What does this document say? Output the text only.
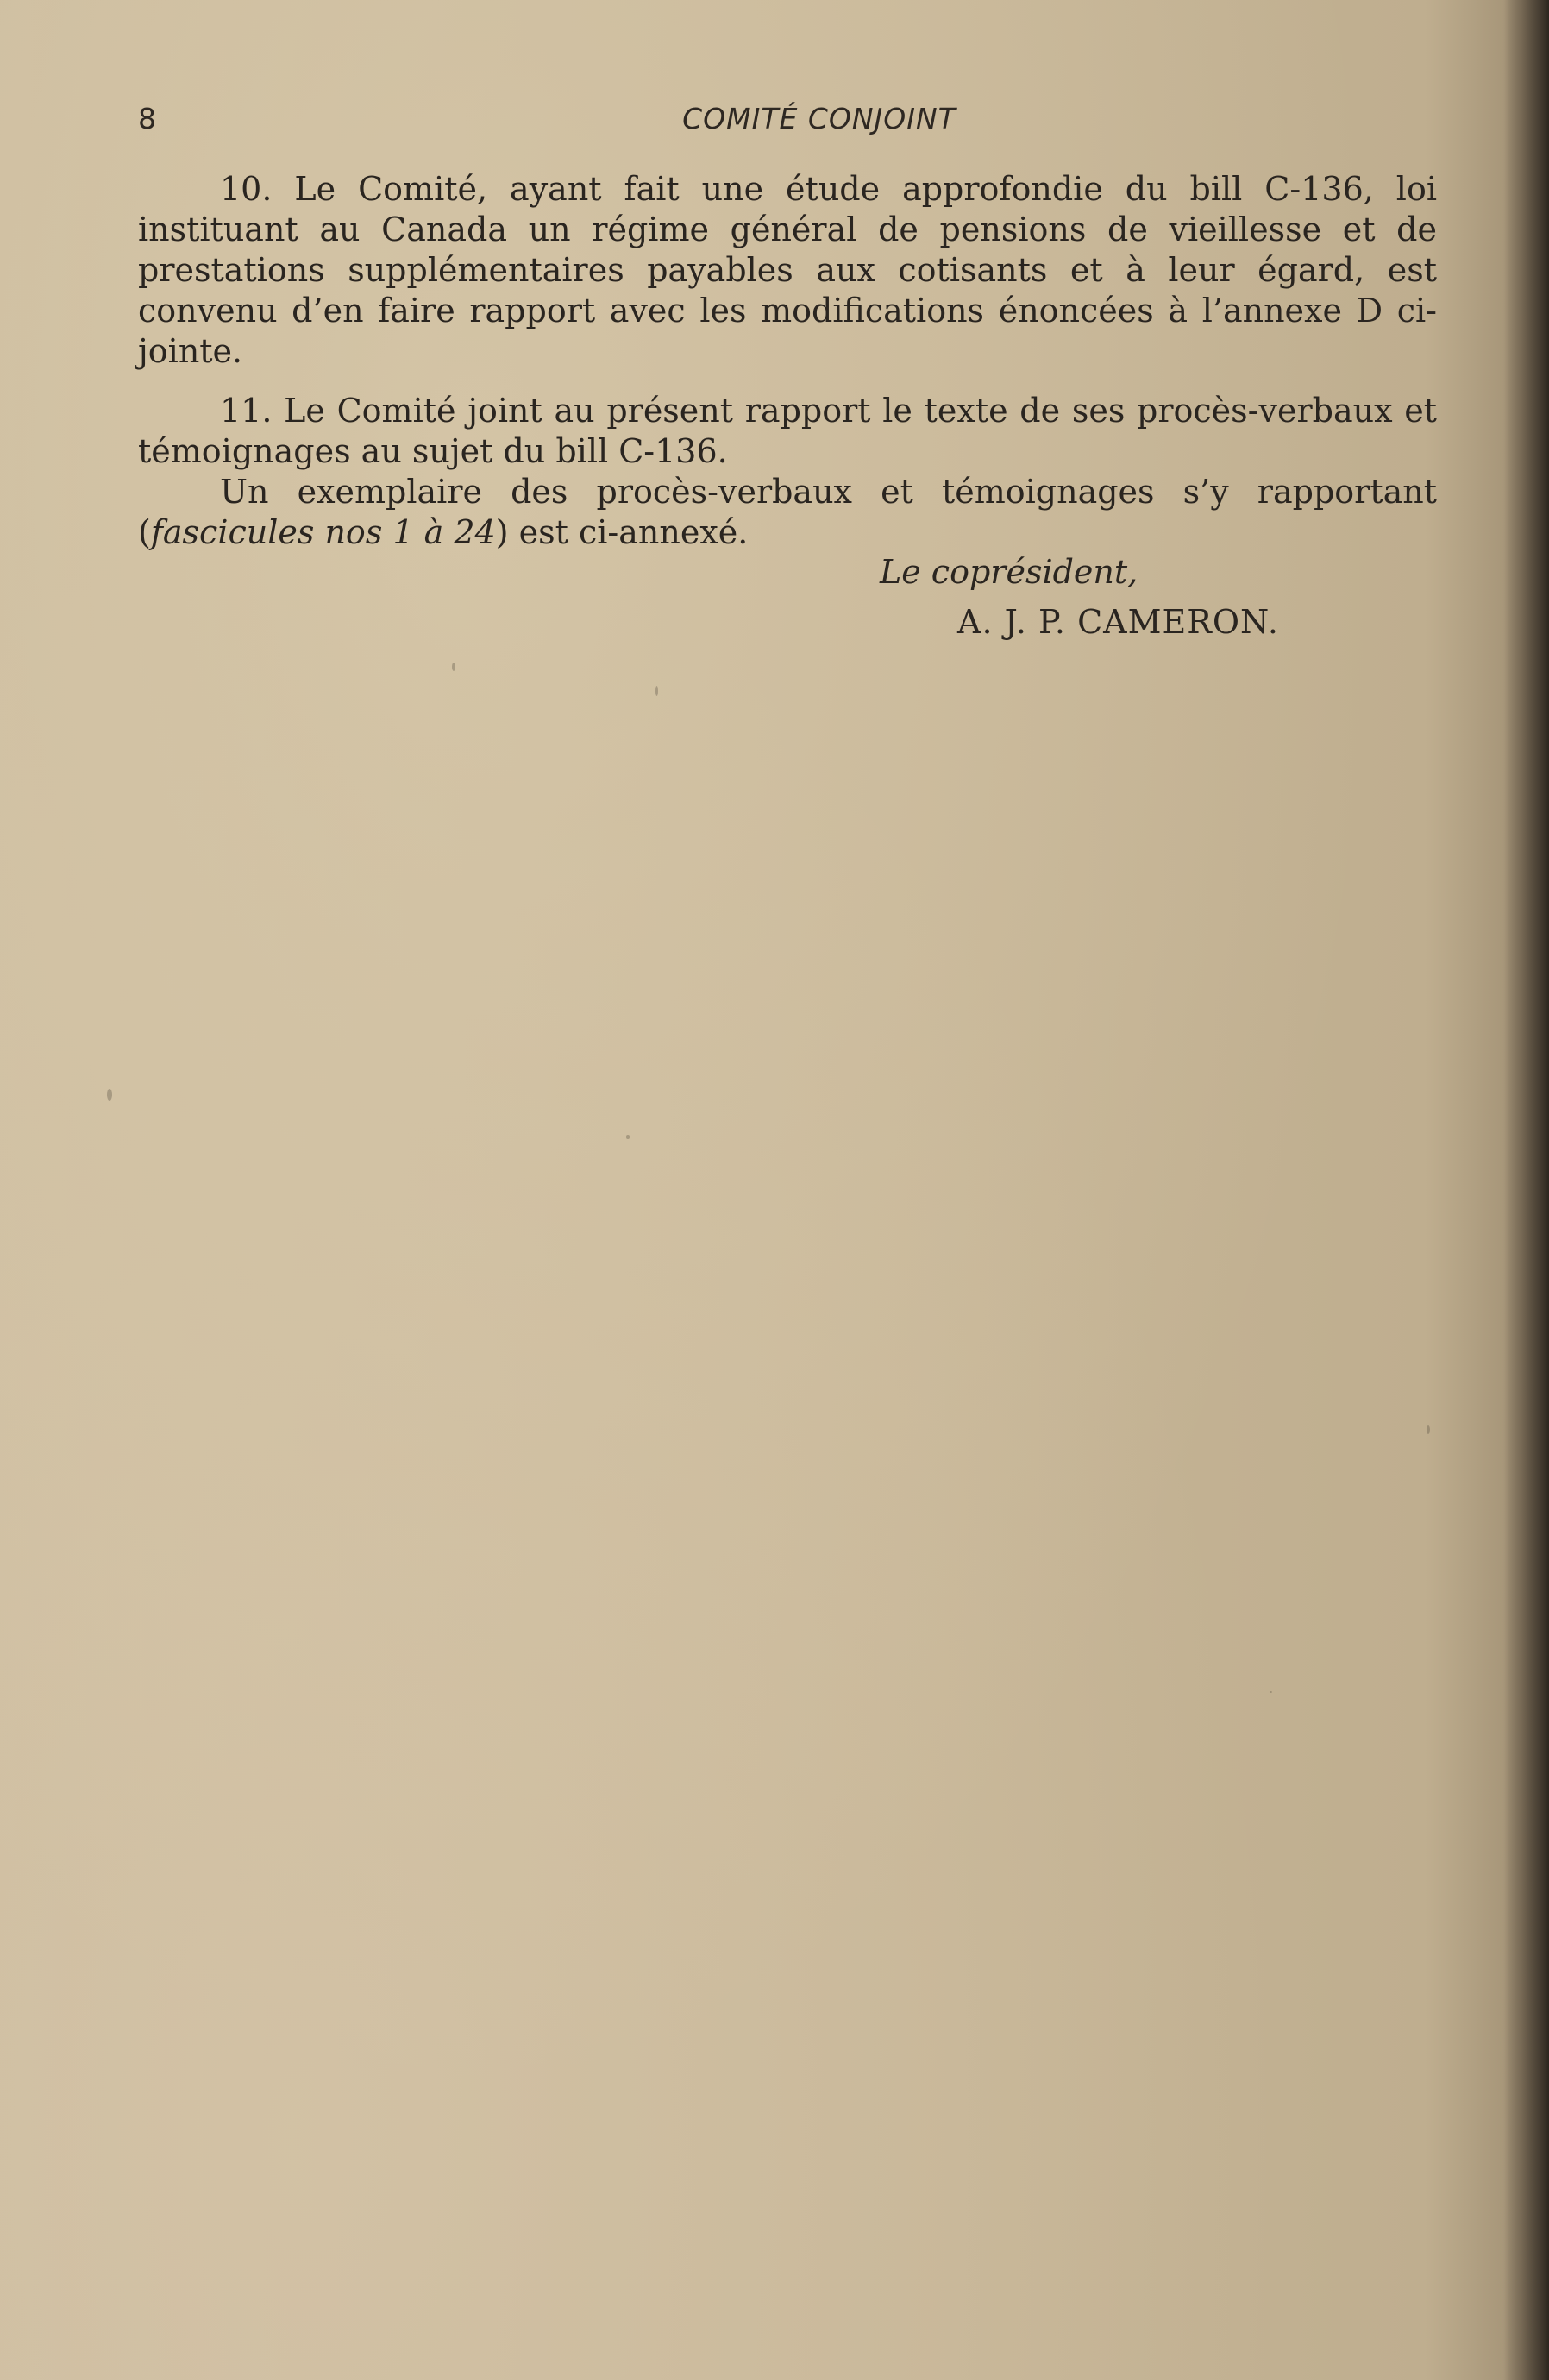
8	COMITÉ CONJOINT

10. Le Comité, ayant fait une étude approfondie du bill C-136, loi instituant au Canada un régime général de pensions de vieillesse et de prestations supplémentaires payables aux cotisants et à leur égard, est convenu d’en faire rapport avec les modifications énoncées à l’annexe D ci-jointe.

11. Le Comité joint au présent rapport le texte de ses procès-verbaux et témoignages au sujet du bill C-136.

Un exemplaire des procès-verbaux et témoignages s’y rapportant (fascicules nos 1 à 24) est ci-annexé.

Le coprésident,
A. J. P. CAMERON.
